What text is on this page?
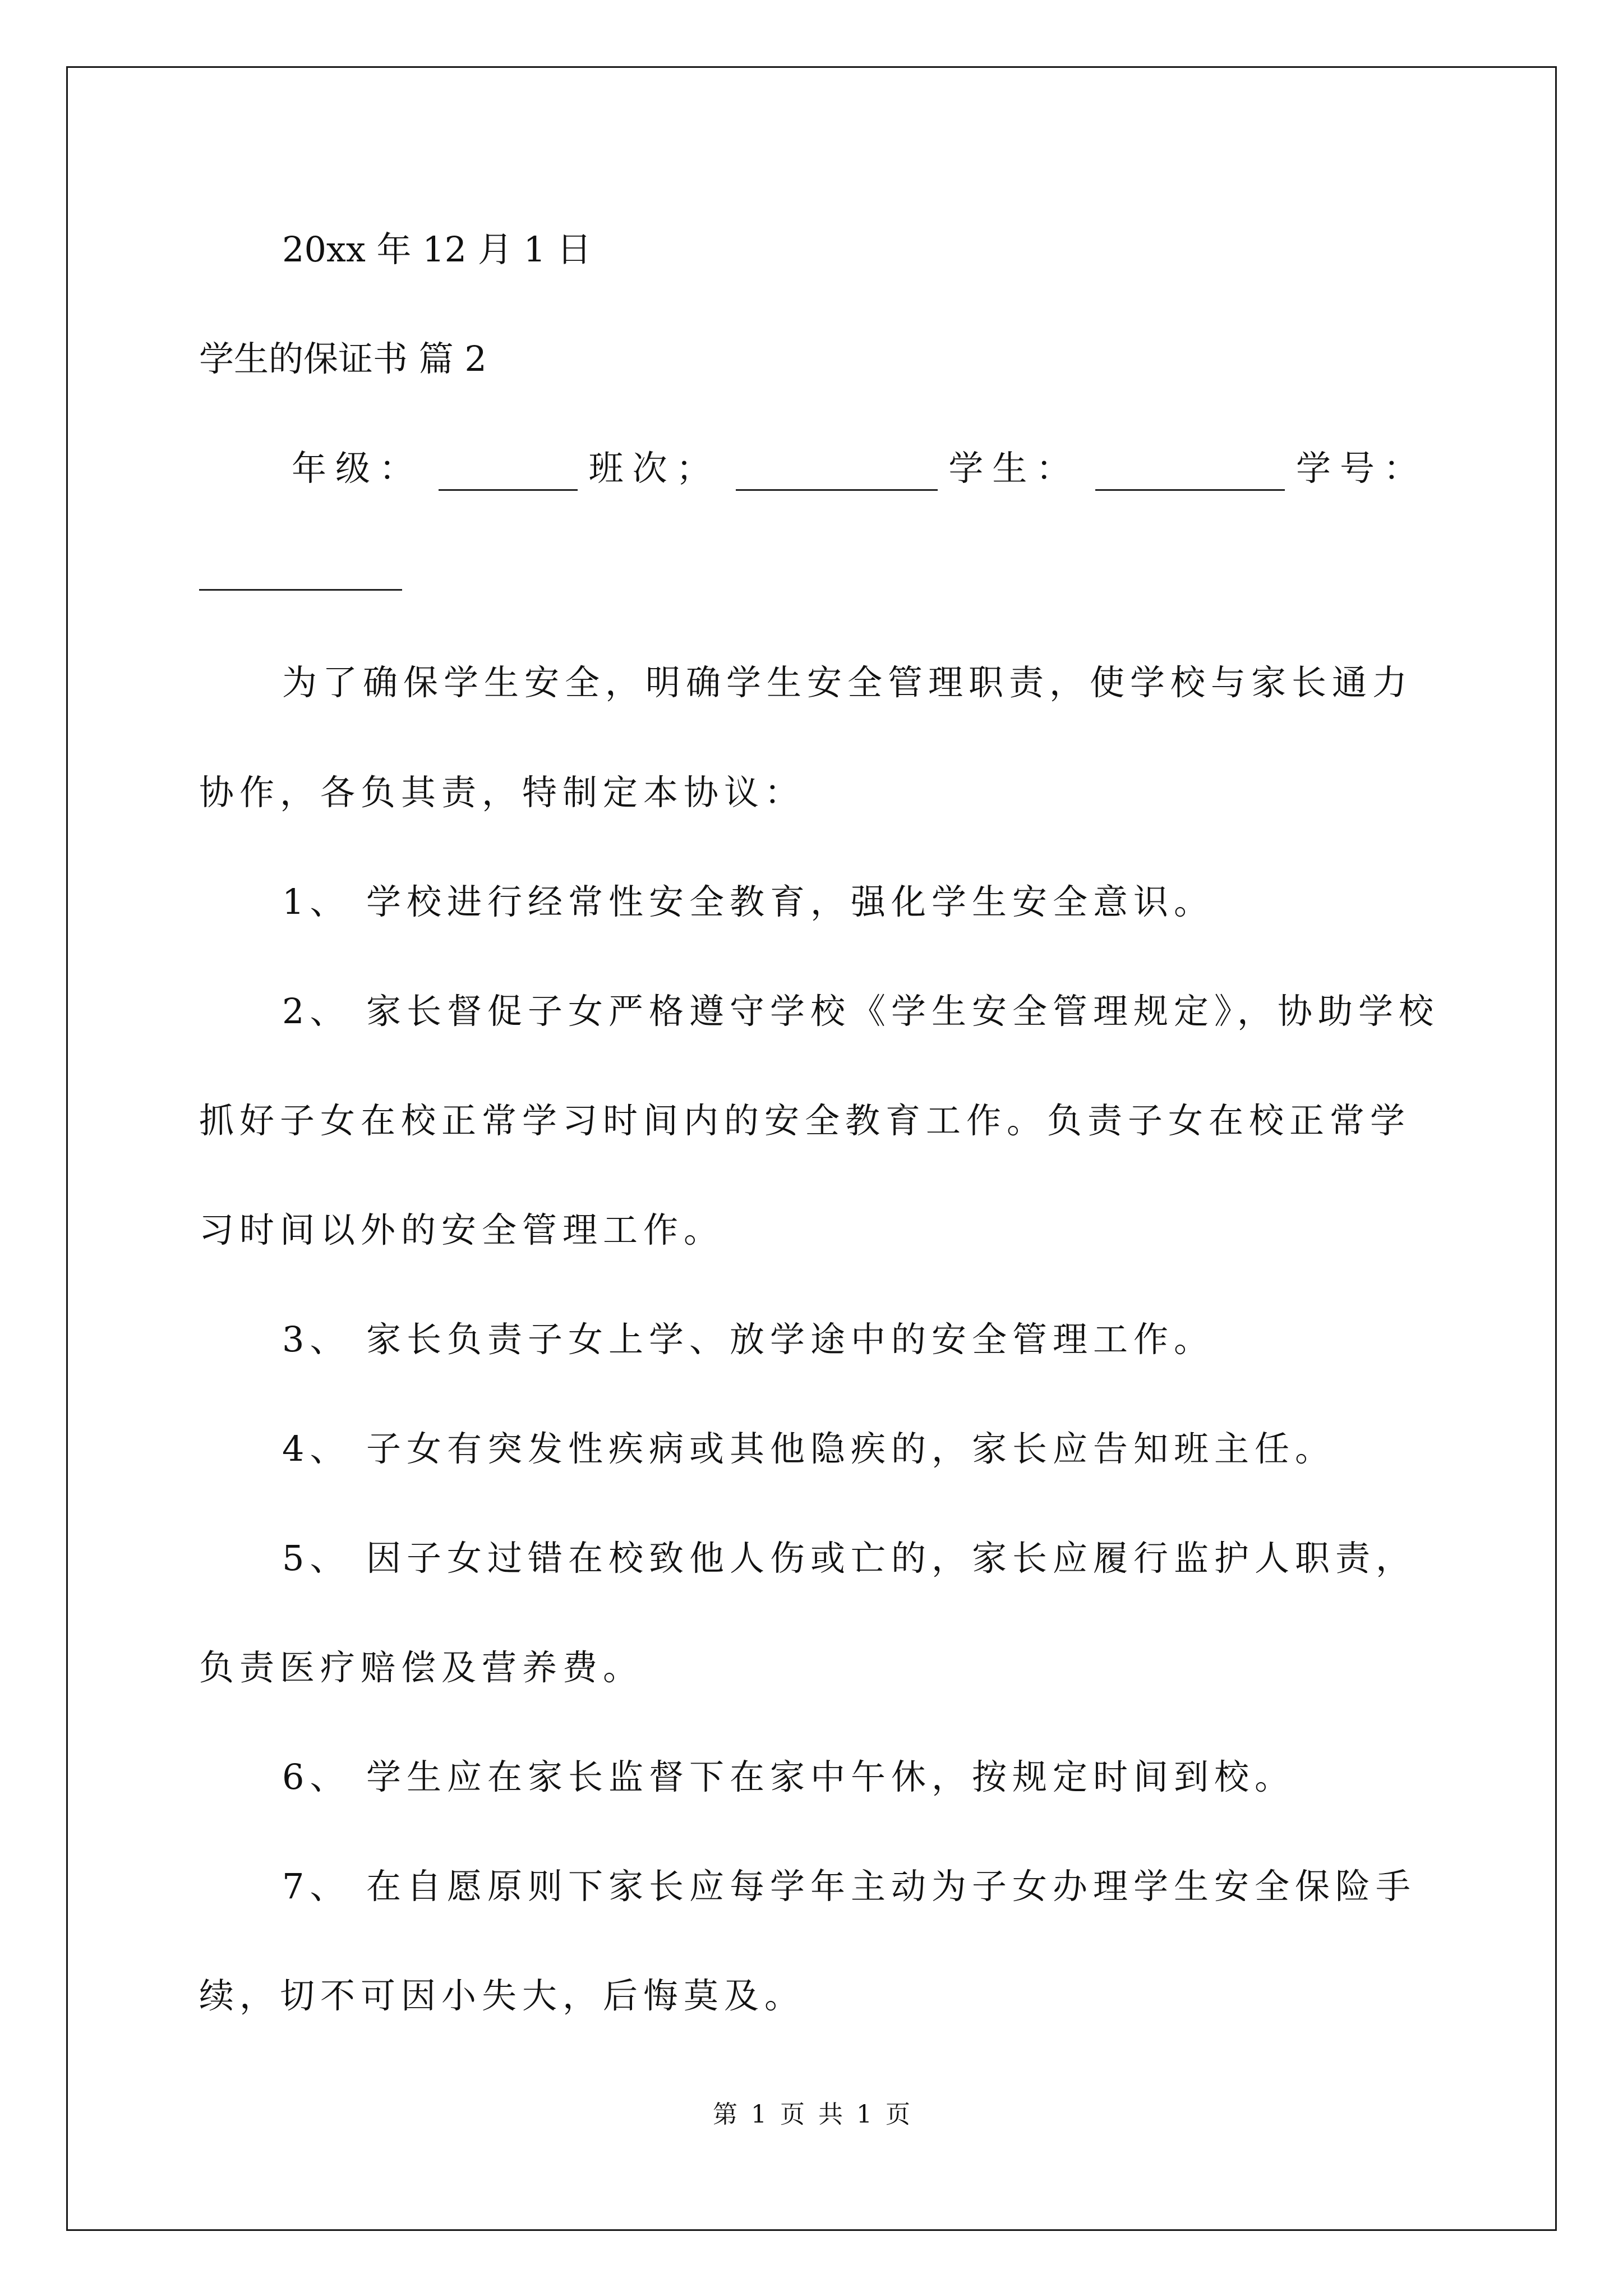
20xx 年 12 月 1 日
学生的保证书 篇 2
年级：	班次；	学生：	学号：
为了确保学生安全，明确学生安全管理职责，使学校与家长通力
协作，各负其责，特制定本协议：
1、 学校进行经常性安全教育，强化学生安全意识。
2、 家长督促子女严格遵守学校《学生安全管理规定》，协助学校
抓好子女在校正常学习时间内的安全教育工作。负责子女在校正常学
习时间以外的安全管理工作。
3、 家长负责子女上学、放学途中的安全管理工作。
4、 子女有突发性疾病或其他隐疾的，家长应告知班主任。
5、 因子女过错在校致他人伤或亡的，家长应履行监护人职责，
负责医疗赔偿及营养费。
6、 学生应在家长监督下在家中午休，按规定时间到校。
7、 在自愿原则下家长应每学年主动为子女办理学生安全保险手
续，切不可因小失大，后悔莫及。
第 1 页 共 1 页
